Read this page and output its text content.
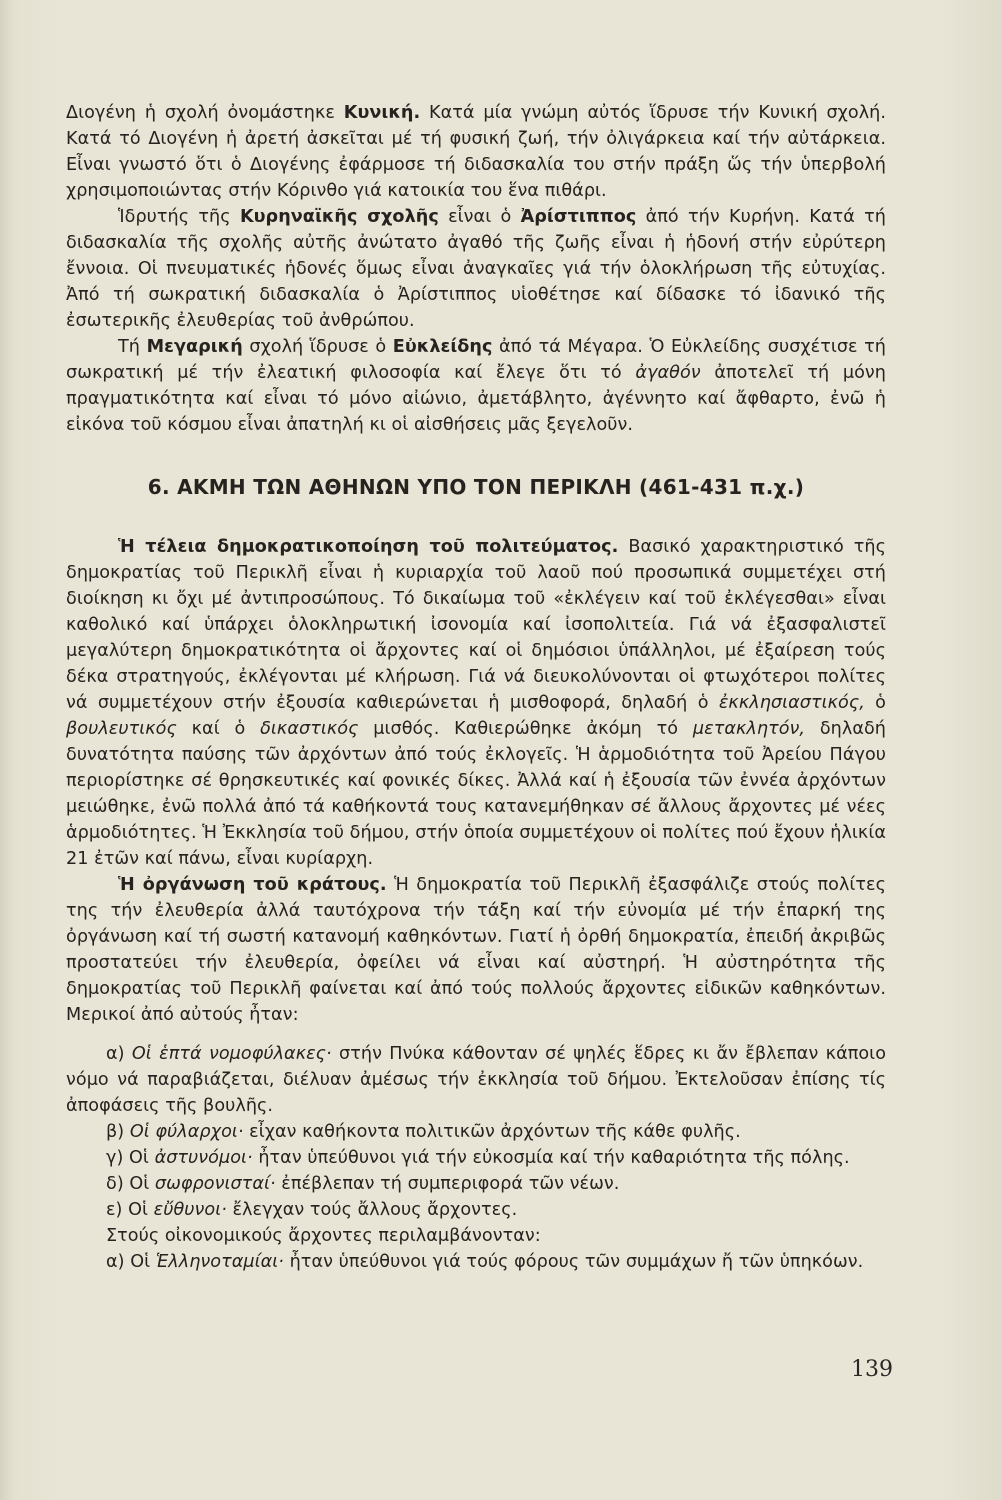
Διογένη ἡ σχολή ὀνομάστηκε Κυνική. Κατά μία γνώμη αὐτός ἵδρυσε τήν Κυνική σχολή. Κατά τό Διογένη ἡ ἀρετή ἀσκεῖται μέ τή φυσική ζωή, τήν ὀλιγάρκεια καί τήν αὐτάρκεια. Εἶναι γνωστό ὅτι ὁ Διογένης ἐφάρμοσε τή διδασκαλία του στήν πράξη ὥς τήν ὑπερβολή χρησιμοποιώντας στήν Κόρινθο γιά κατοικία του ἕνα πιθάρι.

Ἱδρυτής τῆς Κυρηναϊκῆς σχολῆς εἶναι ὁ Ἀρίστιππος ἀπό τήν Κυρήνη. Κατά τή διδασκαλία τῆς σχολῆς αὐτῆς ἀνώτατο ἀγαθό τῆς ζωῆς εἶναι ἡ ἡδονή στήν εὐρύτερη ἔννοια. Οἱ πνευματικές ἡδονές ὅμως εἶναι ἀναγκαῖες γιά τήν ὁλοκλήρωση τῆς εὐτυχίας. Ἀπό τή σωκρατική διδασκαλία ὁ Ἀρίστιππος υἱοθέτησε καί δίδασκε τό ἰδανικό τῆς ἐσωτερικῆς ἐλευθερίας τοῦ ἀνθρώπου.

Τή Μεγαρική σχολή ἵδρυσε ὁ Εὐκλείδης ἀπό τά Μέγαρα. Ὁ Εὐκλείδης συσχέτισε τή σωκρατική μέ τήν ἐλεατική φιλοσοφία καί ἔλεγε ὅτι τό ἀγαθόν ἀποτελεῖ τή μόνη πραγματικότητα καί εἶναι τό μόνο αἰώνιο, ἀμετάβλητο, ἀγέννητο καί ἄφθαρτο, ἐνῶ ἡ εἰκόνα τοῦ κόσμου εἶναι ἀπατηλή κι οἱ αἰσθήσεις μᾶς ξεγελοῦν.

6. ΑΚΜΗ ΤΩΝ ΑΘΗΝΩΝ ΥΠΟ ΤΟΝ ΠΕΡΙΚΛΗ (461-431 π.χ.)

Ἡ τέλεια δημοκρατικοποίηση τοῦ πολιτεύματος. Βασικό χαρακτηριστικό τῆς δημοκρατίας τοῦ Περικλῆ εἶναι ἡ κυριαρχία τοῦ λαοῦ πού προσωπικά συμμετέχει στή διοίκηση κι ὄχι μέ ἀντιπροσώπους. Τό δικαίωμα τοῦ «ἐκλέγειν καί τοῦ ἐκλέγεσθαι» εἶναι καθολικό καί ὑπάρχει ὁλοκληρωτική ἰσονομία καί ἰσοπολιτεία. Γιά νά ἐξασφαλιστεῖ μεγαλύτερη δημοκρατικότητα οἱ ἄρχοντες καί οἱ δημόσιοι ὑπάλληλοι, μέ ἐξαίρεση τούς δέκα στρατηγούς, ἐκλέγονται μέ κλήρωση. Γιά νά διευκολύνονται οἱ φτωχότεροι πολίτες νά συμμετέχουν στήν ἐξουσία καθιερώνεται ἡ μισθοφορά, δηλαδή ὁ ἐκκλησιαστικός, ὁ βουλευτικός καί ὁ δικαστικός μισθός. Καθιερώθηκε ἀκόμη τό μετακλητόν, δηλαδή δυνατότητα παύσης τῶν ἀρχόντων ἀπό τούς ἐκλογεῖς. Ἡ ἁρμοδιότητα τοῦ Ἀρείου Πάγου περιορίστηκε σέ θρησκευτικές καί φονικές δίκες. Ἀλλά καί ἡ ἐξουσία τῶν ἐννέα ἀρχόντων μειώθηκε, ἐνῶ πολλά ἀπό τά καθήκοντά τους κατανεμήθηκαν σέ ἄλλους ἄρχοντες μέ νέες ἁρμοδιότητες. Ἡ Ἐκκλησία τοῦ δήμου, στήν ὁποία συμμετέχουν οἱ πολίτες πού ἔχουν ἡλικία 21 ἐτῶν καί πάνω, εἶναι κυρίαρχη.

Ἡ ὀργάνωση τοῦ κράτους. Ἡ δημοκρατία τοῦ Περικλῆ ἐξασφάλιζε στούς πολίτες της τήν ἐλευθερία ἀλλά ταυτόχρονα τήν τάξη καί τήν εὐνομία μέ τήν ἐπαρκή της ὀργάνωση καί τή σωστή κατανομή καθηκόντων. Γιατί ἡ ὀρθή δημοκρατία, ἐπειδή ἀκριβῶς προστατεύει τήν ἐλευθερία, ὀφείλει νά εἶναι καί αὐστηρή. Ἡ αὐστηρότητα τῆς δημοκρατίας τοῦ Περικλῆ φαίνεται καί ἀπό τούς πολλούς ἄρχοντες εἰδικῶν καθηκόντων. Μερικοί ἀπό αὐτούς ἦταν:

α) Οἱ ἑπτά νομοφύλακες· στήν Πνύκα κάθονταν σέ ψηλές ἕδρες κι ἄν ἔβλεπαν κάποιο νόμο νά παραβιάζεται, διέλυαν ἀμέσως τήν ἐκκλησία τοῦ δήμου. Ἐκτελοῦσαν ἐπίσης τίς ἀποφάσεις τῆς βουλῆς.

β) Οἱ φύλαρχοι· εἶχαν καθήκοντα πολιτικῶν ἀρχόντων τῆς κάθε φυλῆς.

γ) Οἱ ἀστυνόμοι· ἦταν ὑπεύθυνοι γιά τήν εὐκοσμία καί τήν καθαριότητα τῆς πόλης.

δ) Οἱ σωφρονισταί· ἐπέβλεπαν τή συμπεριφορά τῶν νέων.

ε) Οἱ εὔθυνοι· ἔλεγχαν τούς ἄλλους ἄρχοντες.

Στούς οἰκονομικούς ἄρχοντες περιλαμβάνονταν:

α) Οἱ Ἑλληνοταμίαι· ἦταν ὑπεύθυνοι γιά τούς φόρους τῶν συμμάχων ἤ τῶν ὑπηκόων.

139
